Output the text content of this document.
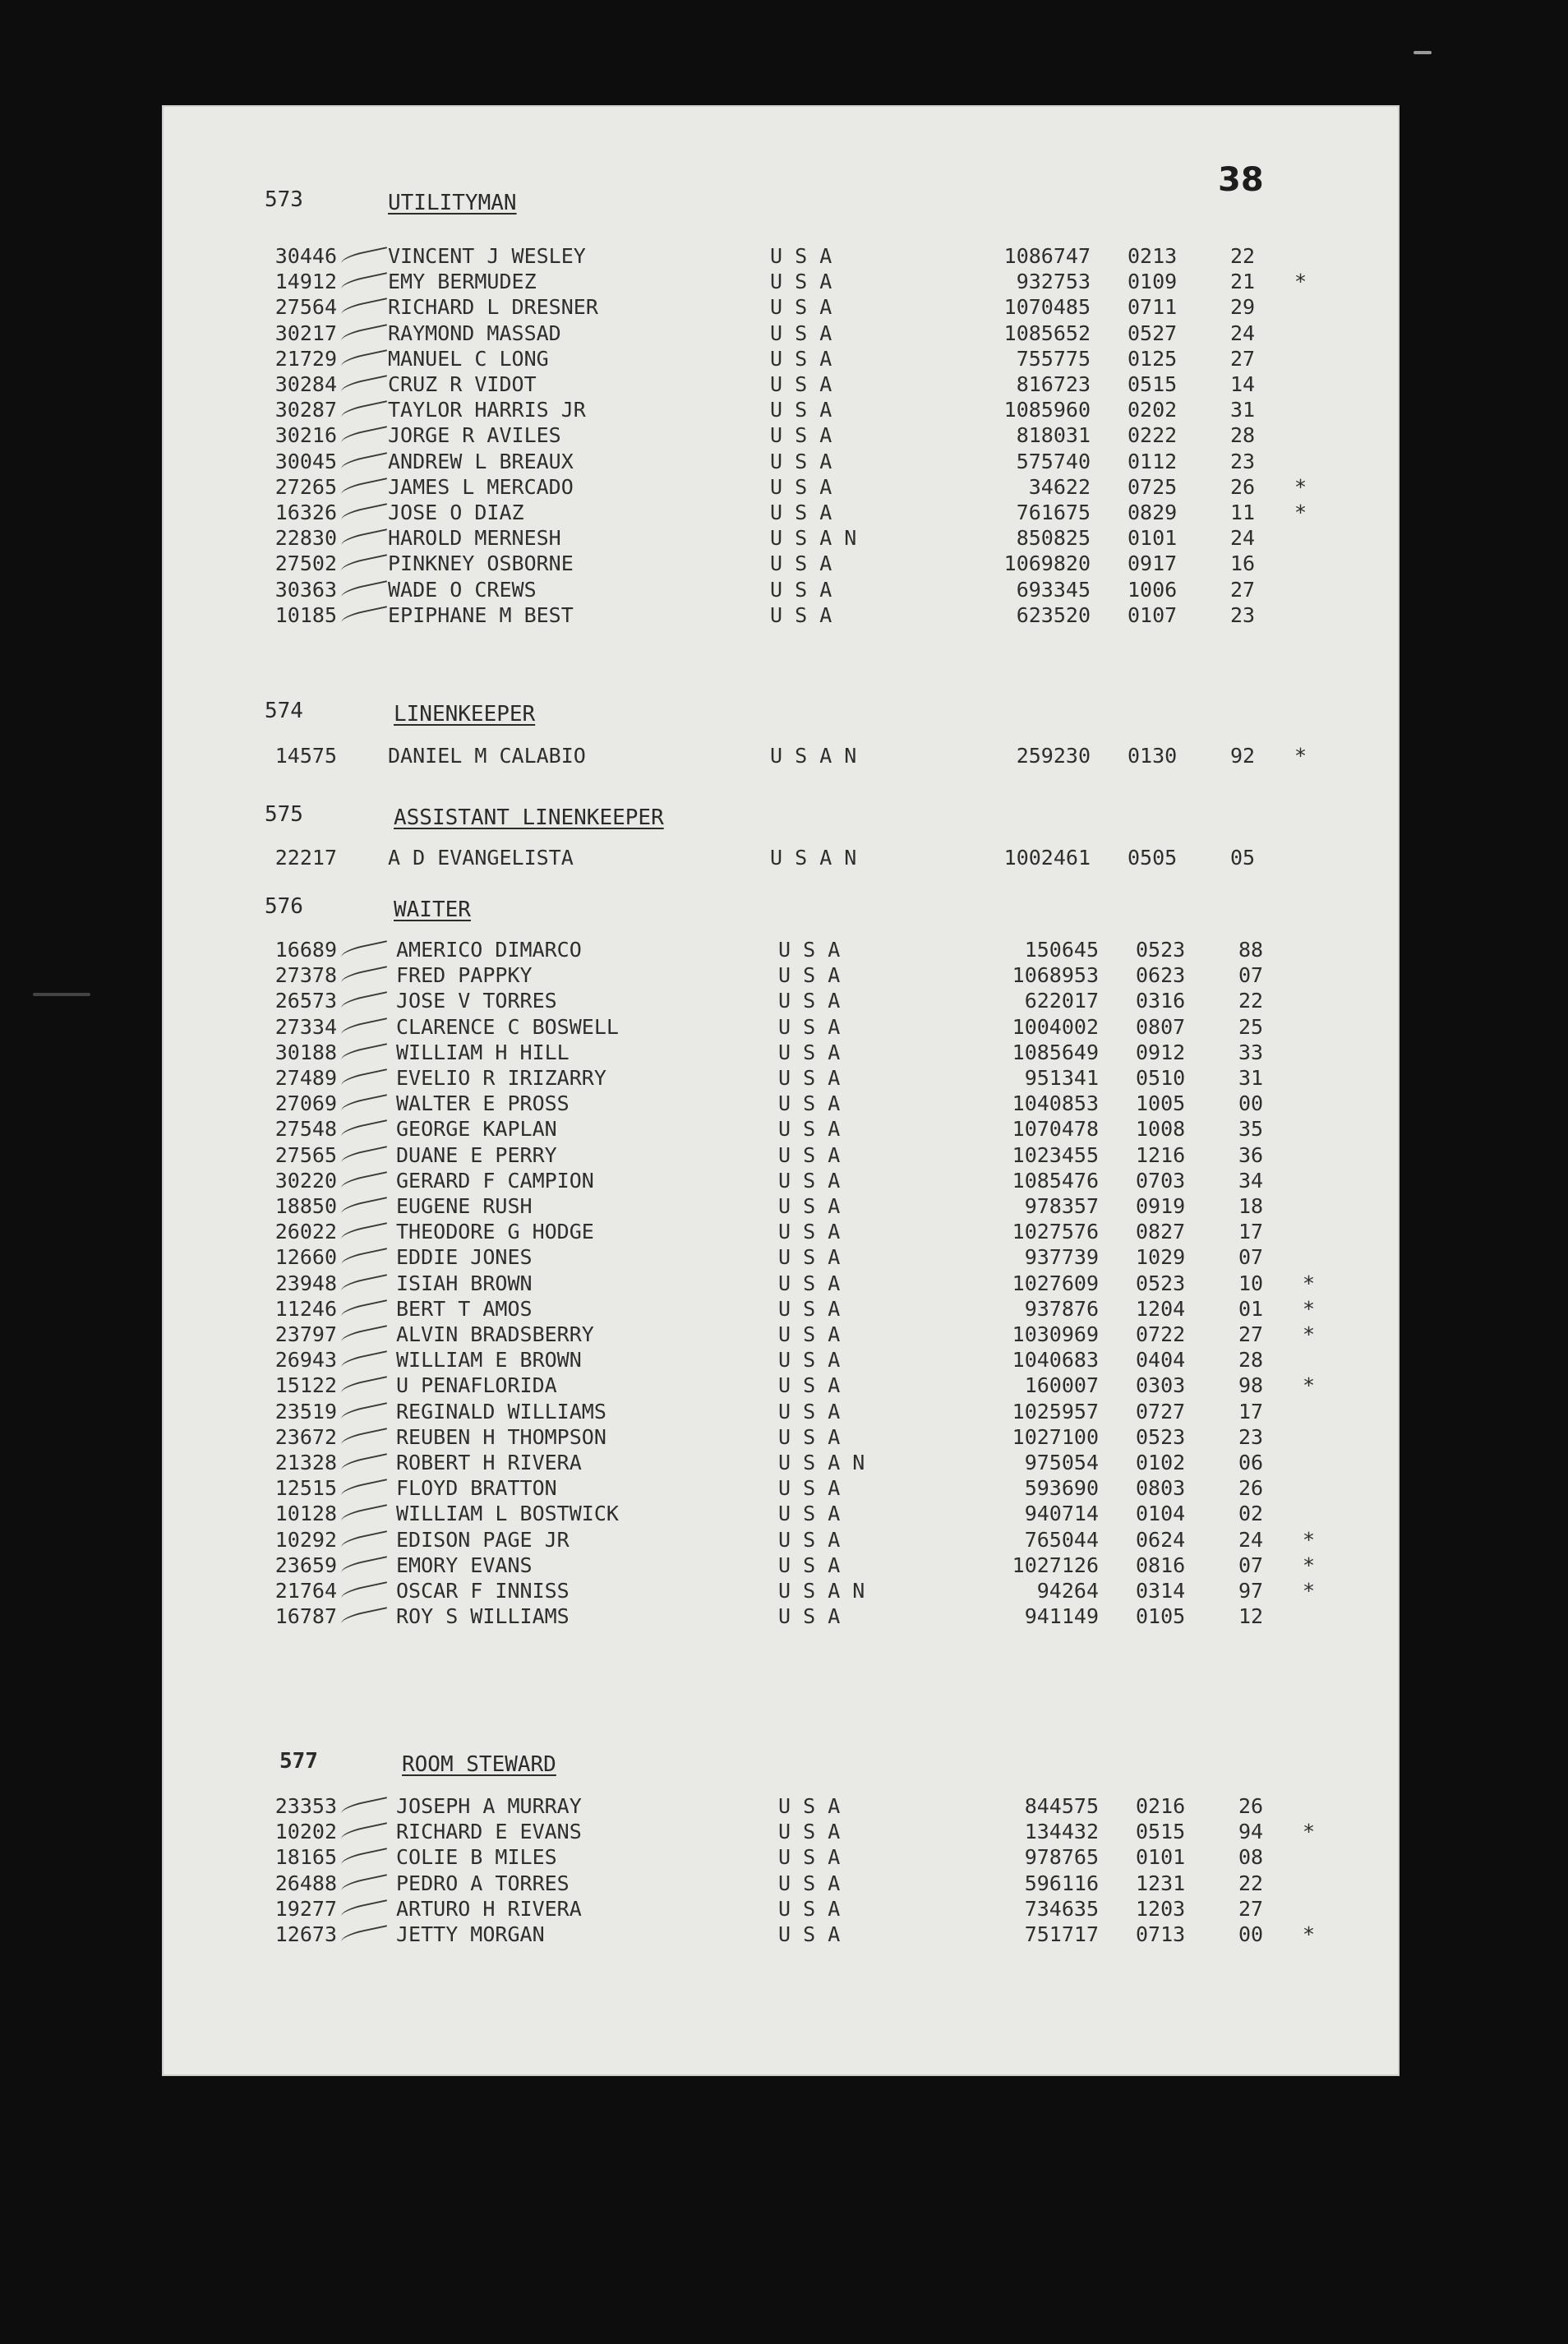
38
573	UTILITYMAN
30446 VINCENT J WESLEY	U S A	1086747 0213	22
14912 EMY BERMUDEZ	U S A	932753 0109	21 *
27564 RICHARD L DRESNER	U S A	1070485 0711	29
30217 RAYMOND MASSAD	U S A	1085652 0527	24
21729 MANUEL C LONG	U S A	755775 0125	27
30284 CRUZ R VIDOT	U S A	816723 0515	14
30287 TAYLOR HARRIS JR	U S A	1085960 0202	31
30216 JORGE R AVILES	U S A	818031 0222	28
30045 ANDREW L BREAUX	U S A	575740 0112	23
27265 JAMES L MERCADO	U S A	34622 0725	26 *
16326 JOSE O DIAZ	U S A	761675 0829	11 *
22830 HAROLD MERNESH	U S A N	850825 0101	24
27502 PINKNEY OSBORNE	U S A	1069820 0917	16
30363 WADE O CREWS	U S A	693345 1006	27
10185 EPIPHANE M BEST	U S A	623520 0107	23
574	LINENKEEPER
14575 DANIEL M CALABIO	U S A N	259230 0130	92 *
575	ASSISTANT LINENKEEPER
22217 A D EVANGELISTA	U S A N	1002461 0505	05
576	WAITER
16689	AMERICO DIMARCO	U S A	150645 0523	88
27378	FRED PAPPKY	U S A	1068953 0623	07
26573	JOSE V TORRES	U S A	622017 0316	22
27334	CLARENCE C BOSWELL	U S A	1004002 0807	25
30188	WILLIAM H HILL	U S A	1085649 0912	33
27489	EVELIO R IRIZARRY	U S A	951341 0510	31
27069	WALTER E PROSS	U S A	1040853 1005	00
27548	GEORGE KAPLAN	U S A	1070478 1008	35
27565	DUANE E PERRY	U S A	1023455 1216	36
30220	GERARD F CAMPION	U S A	1085476 0703	34
18850	EUGENE RUSH	U S A	978357 0919	18
26022	THEODORE G HODGE	U S A	1027576 0827	17
12660	EDDIE JONES	U S A	937739 1029	07
23948	ISIAH BROWN	U S A	1027609 0523	10 *
11246	BERT T AMOS	U S A	937876 1204	01 *
23797	ALVIN BRADSBERRY	U S A	1030969 0722	27 *
26943	WILLIAM E BROWN	U S A	1040683 0404	28
15122	U PENAFLORIDA	U S A	160007 0303	98 *
23519	REGINALD WILLIAMS	U S A	1025957 0727	17
23672	REUBEN H THOMPSON	U S A	1027100 0523	23
21328	ROBERT H RIVERA	U S A N	975054 0102	06
12515	FLOYD BRATTON	U S A	593690 0803	26
10128	WILLIAM L BOSTWICK	U S A	940714 0104	02
10292	EDISON PAGE JR	U S A	765044 0624	24 *
23659	EMORY EVANS	U S A	1027126 0816	07 *
21764	OSCAR F INNISS	U S A N	94264 0314	97 *
16787	ROY S WILLIAMS	U S A	941149 0105	12
577	ROOM STEWARD
23353	JOSEPH A MURRAY	U S A	844575 0216	26
10202	RICHARD E EVANS	U S A	134432 0515	94 *
18165	COLIE B MILES	U S A	978765 0101	08
26488	PEDRO A TORRES	U S A	596116 1231	22
19277	ARTURO H RIVERA	U S A	734635 1203	27
12673	JETTY MORGAN	U S A	751717 0713	00 *
